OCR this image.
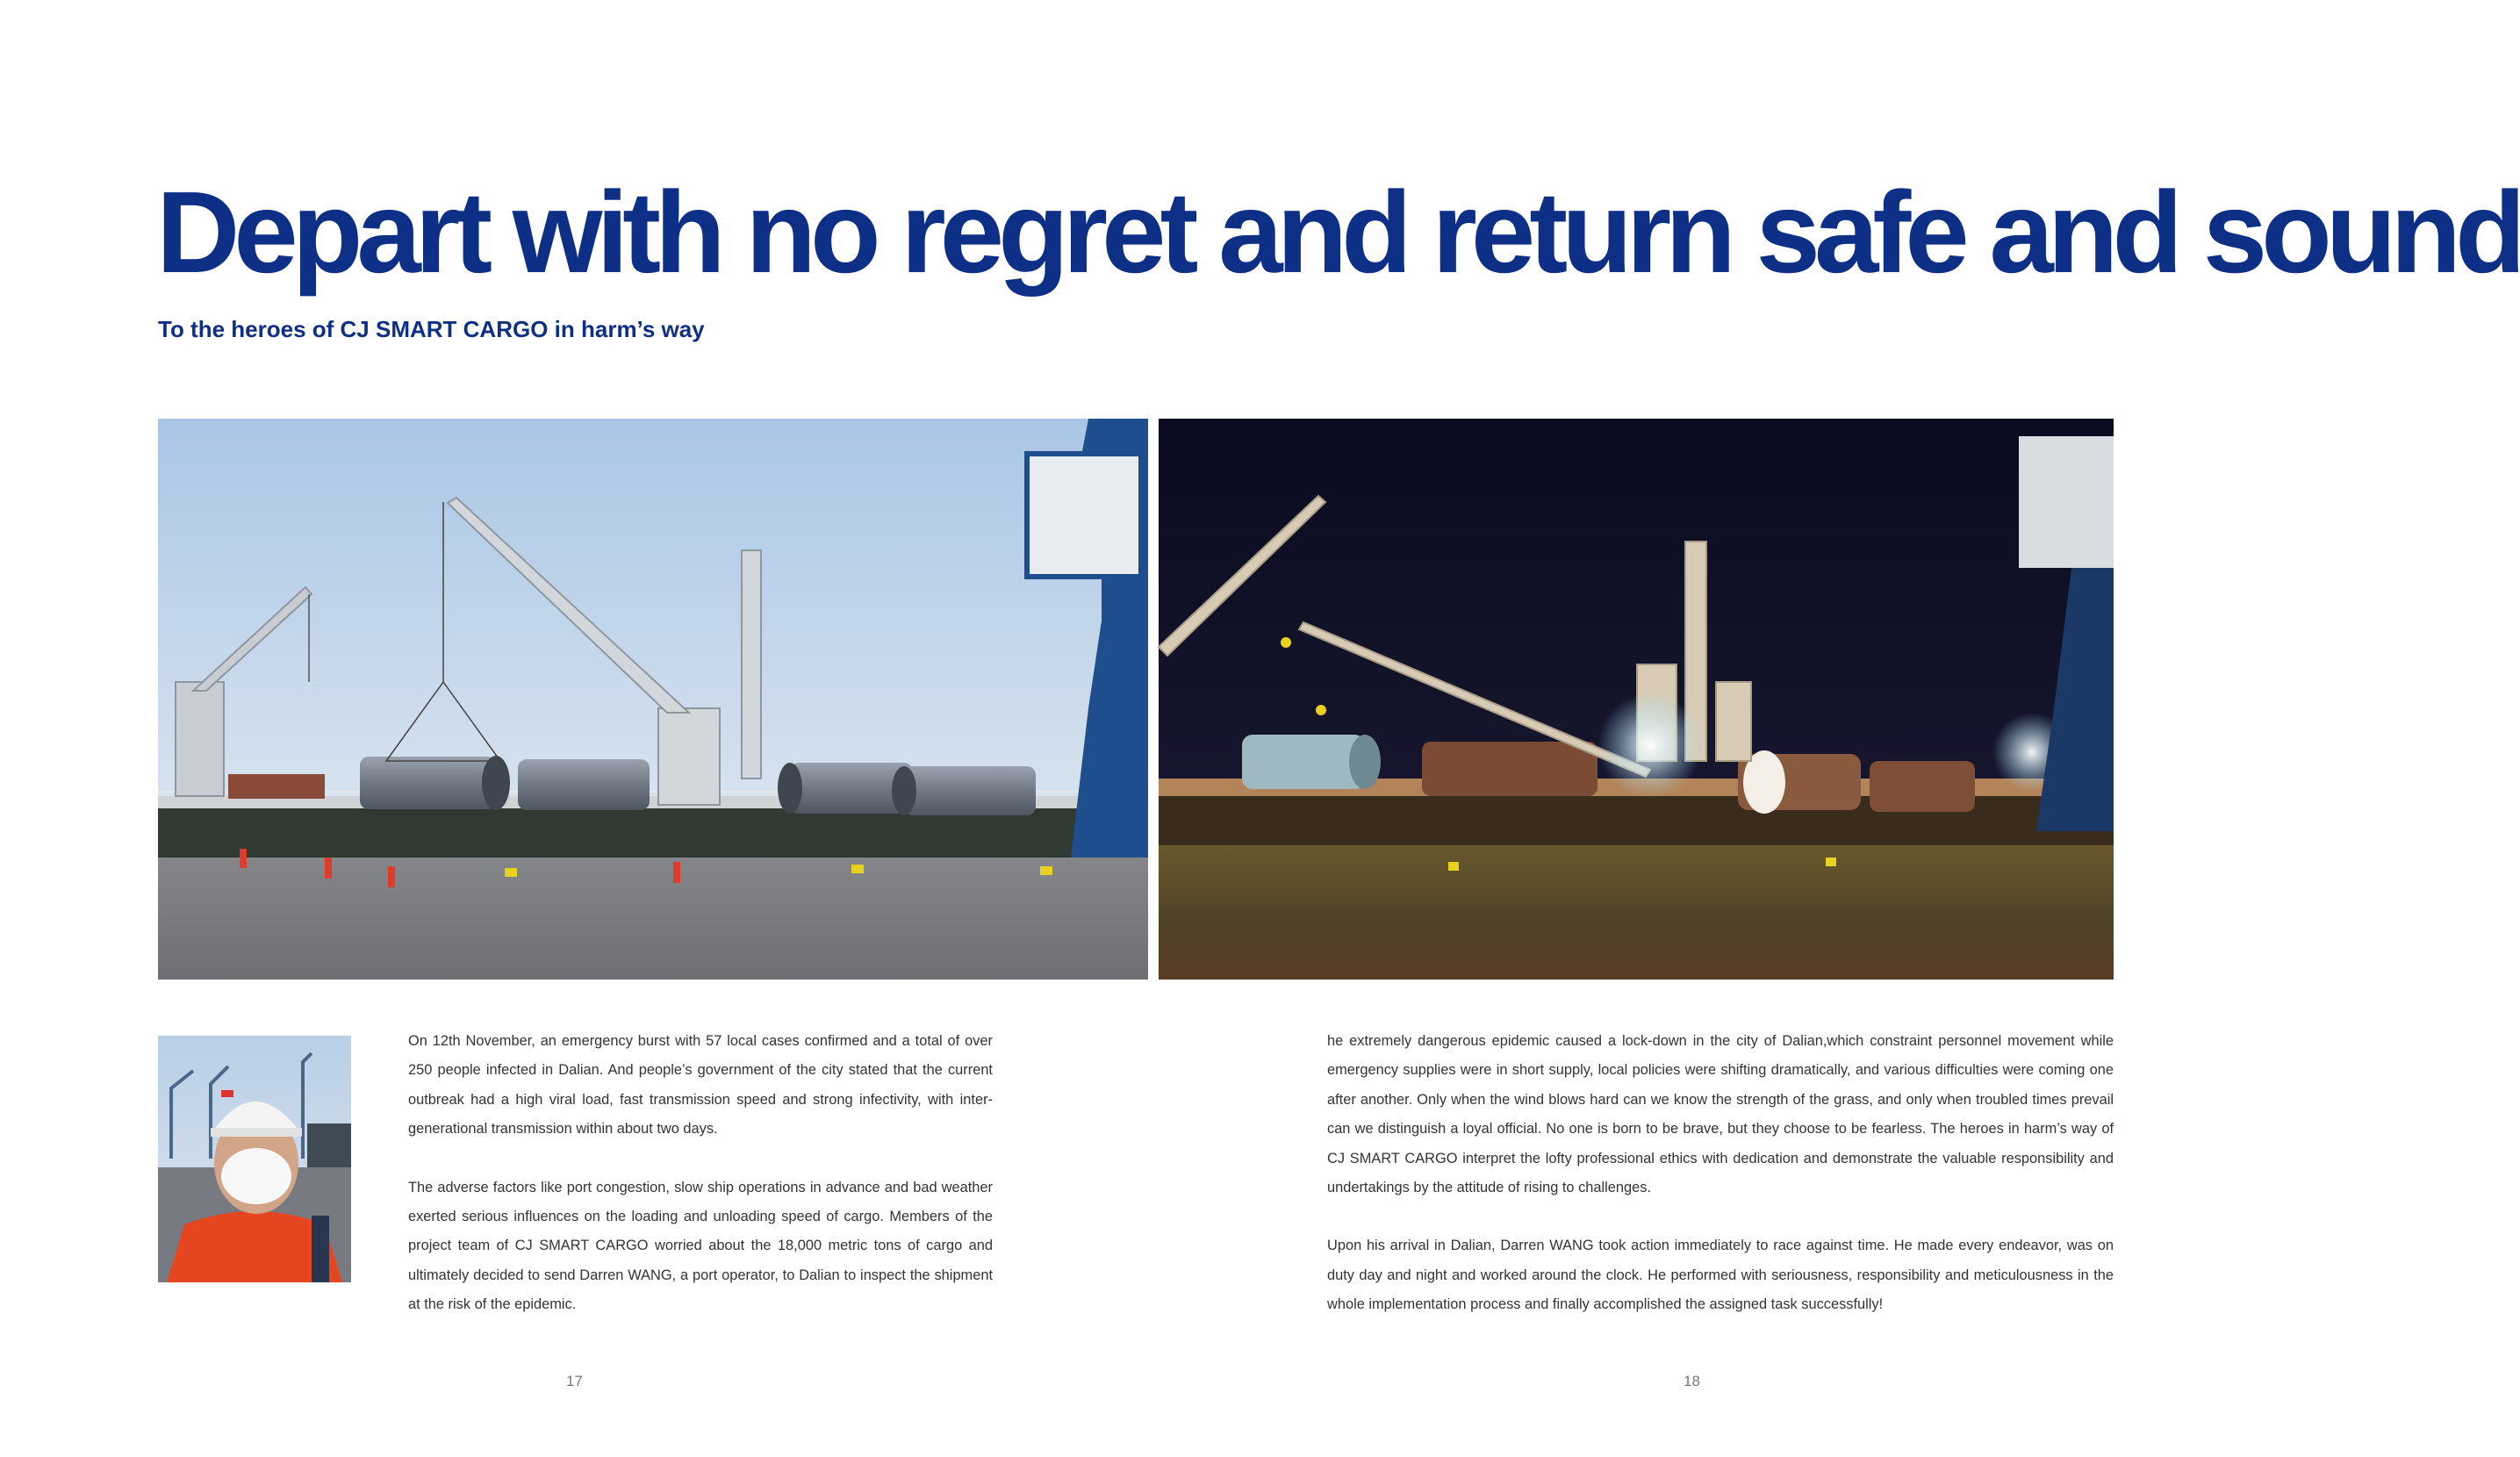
Depart with no regret and return safe and sound
To the heroes of CJ SMART CARGO in harm’s way

On 12th November, an emergency burst with 57 local cases confirmed and a total of over 250 people infected in Dalian. And people’s government of the city stated that the current outbreak had a high viral load, fast transmission speed and strong infectivity, with inter-generational transmission within about two days.

The adverse factors like port congestion, slow ship operations in advance and bad weather exerted serious influences on the loading and unloading speed of cargo. Members of the project team of CJ SMART CARGO worried about the 18,000 metric tons of cargo and ultimately decided to send Darren WANG, a port operator, to Dalian to inspect the shipment at the risk of the epidemic.

he extremely dangerous epidemic caused a lock-down in the city of Dalian,which constraint personnel movement while emergency supplies were in short supply, local policies were shifting dramatically, and various difficulties were coming one after another. Only when the wind blows hard can we know the strength of the grass, and only when troubled times prevail can we distinguish a loyal official. No one is born to be brave, but they choose to be fearless. The heroes in harm’s way of CJ SMART CARGO interpret the lofty professional ethics with dedication and demonstrate the valuable responsibility and undertakings by the attitude of rising to challenges.

Upon his arrival in Dalian, Darren WANG took action immediately to race against time. He made every endeavor, was on duty day and night and worked around the clock. He performed with seriousness, responsibility and meticulousness in the whole implementation process and finally accomplished the assigned task successfully!

17	18
